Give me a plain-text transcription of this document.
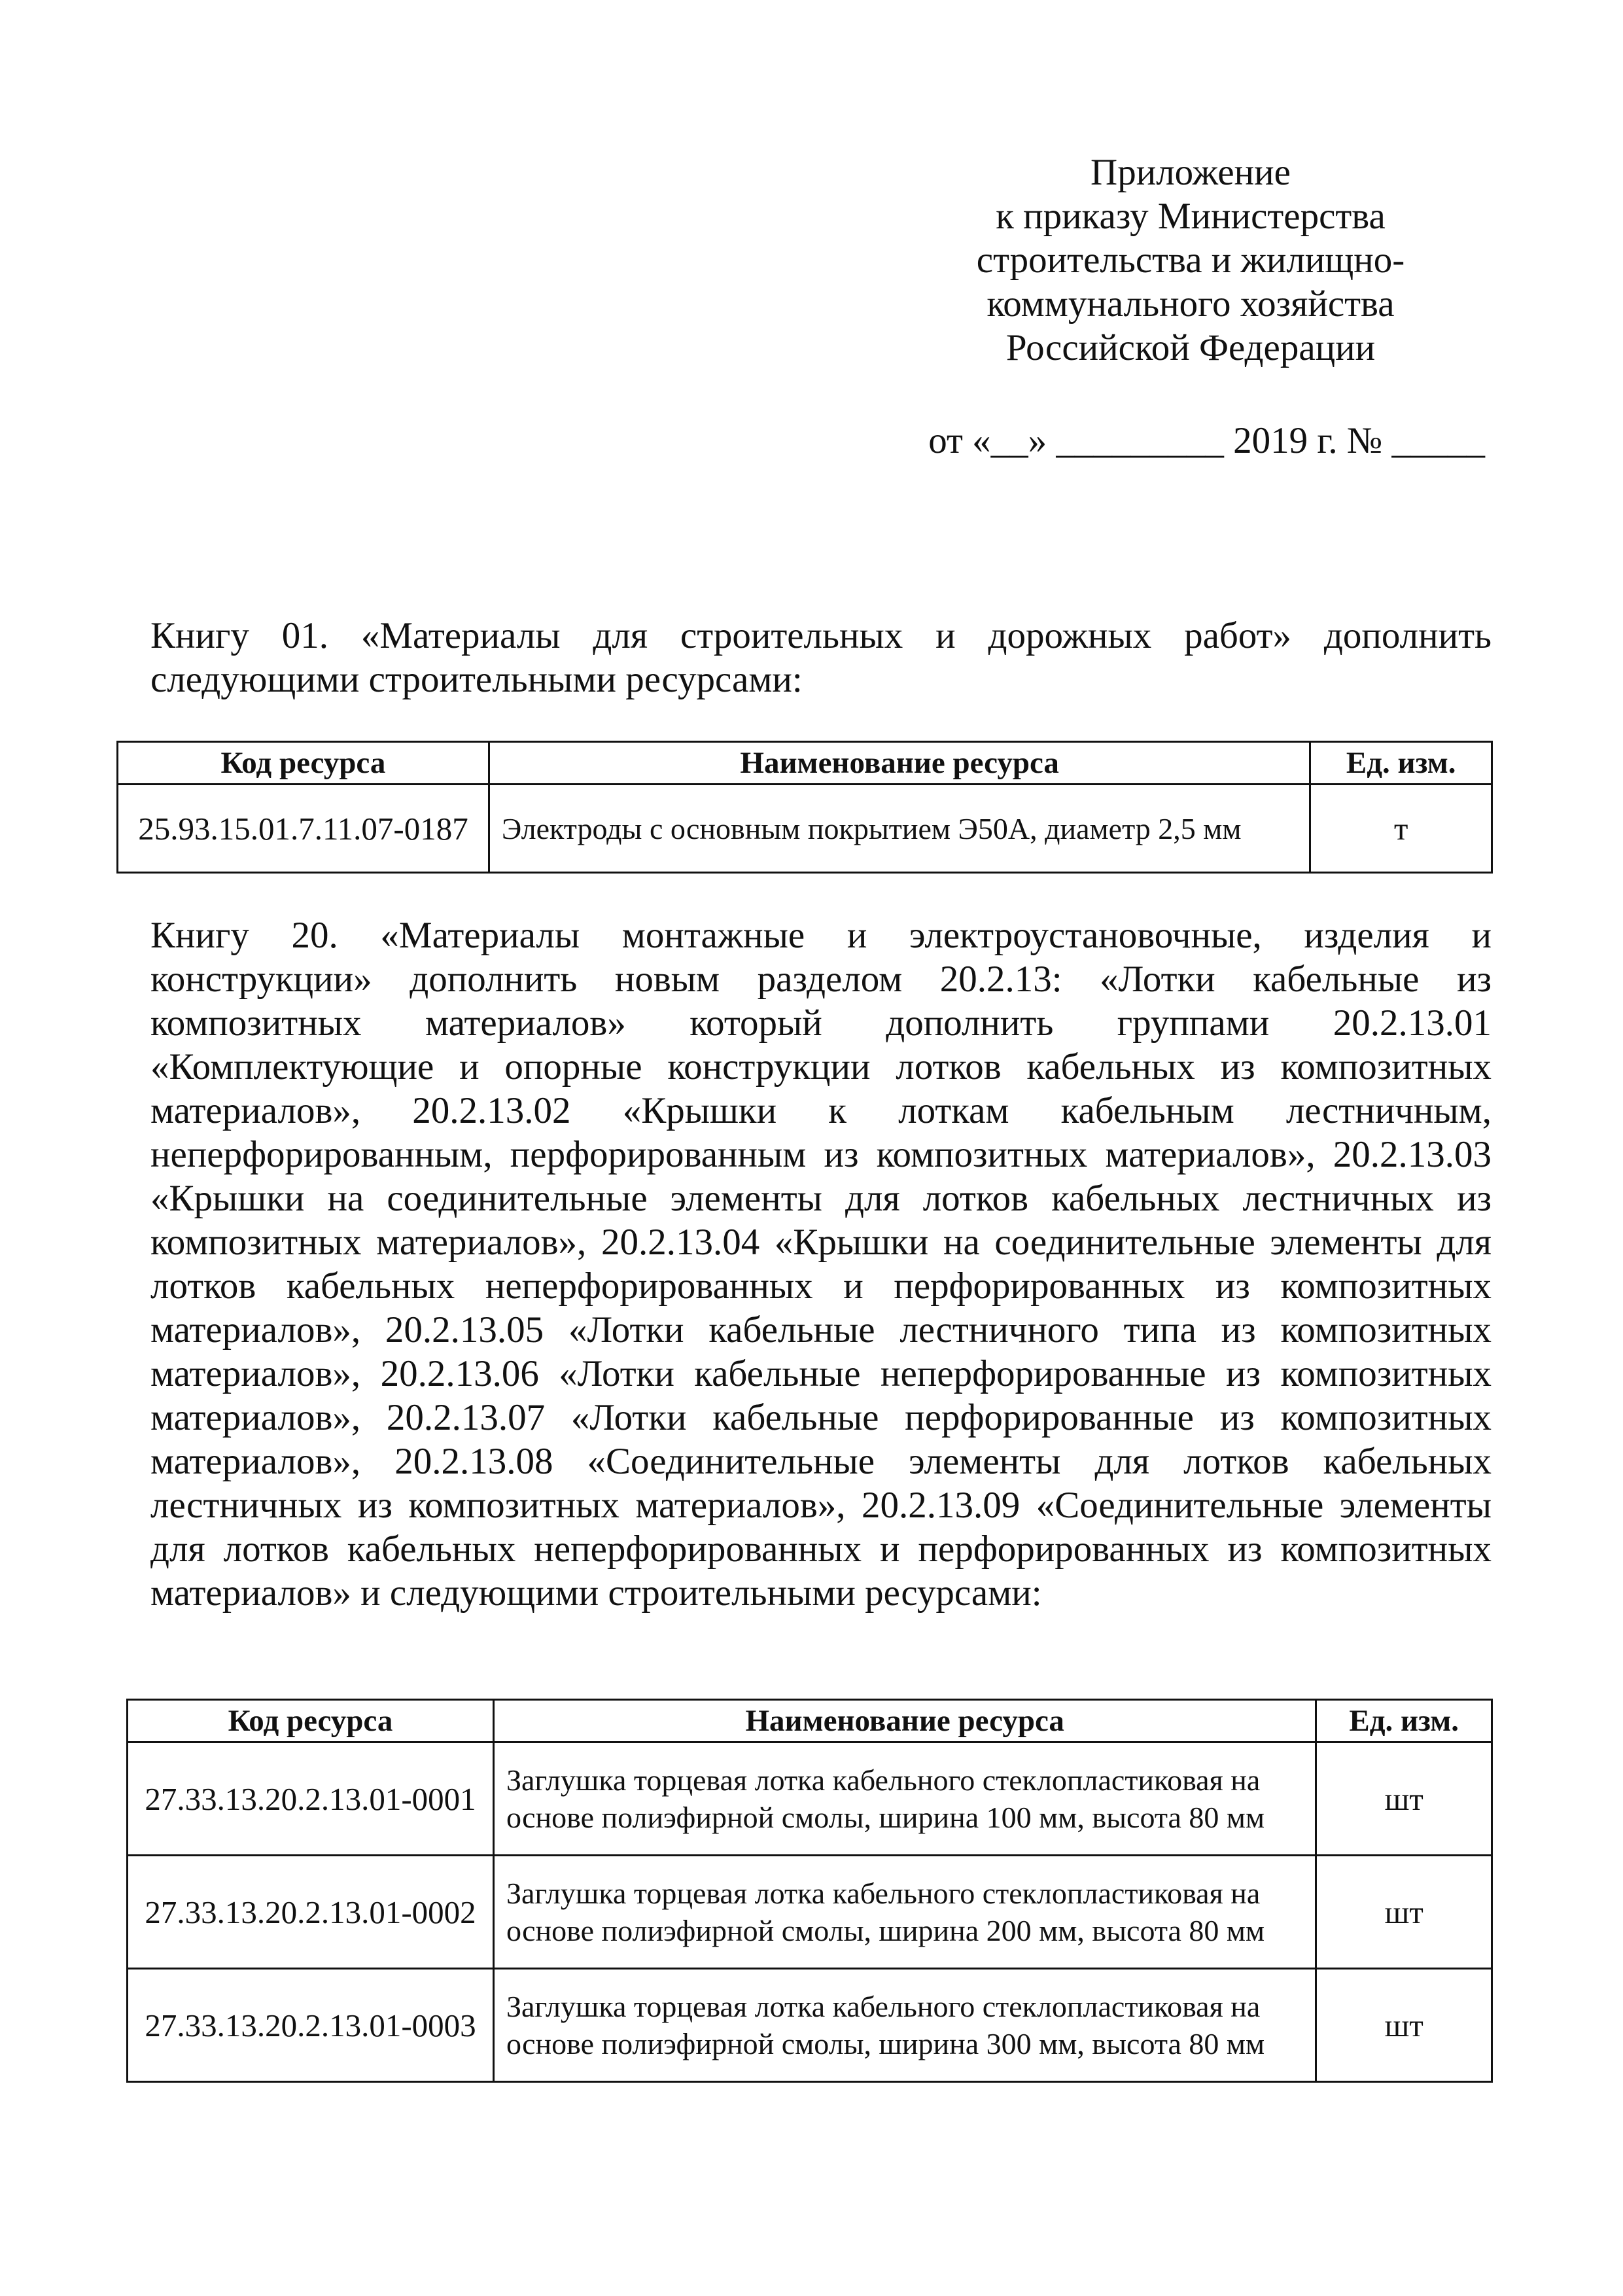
Приложение
к приказу Министерства
строительства и жилищно-
коммунального хозяйства
Российской Федерации
от «__» _________ 2019 г. № _____

Книгу 01. «Материалы для строительных и дорожных работ» дополнить следующими строительными ресурсами:

Код ресурса	Наименование ресурса	Ед. изм.
25.93.15.01.7.11.07-0187	Электроды с основным покрытием Э50А, диаметр 2,5 мм	т

Книгу 20. «Материалы монтажные и электроустановочные, изделия и конструкции» дополнить новым разделом 20.2.13: «Лотки кабельные из композитных материалов» который дополнить группами 20.2.13.01 «Комплектующие и опорные конструкции лотков кабельных из композитных материалов», 20.2.13.02 «Крышки к лоткам кабельным лестничным, неперфорированным, перфорированным из композитных материалов», 20.2.13.03 «Крышки на соединительные элементы для лотков кабельных лестничных из композитных материалов», 20.2.13.04 «Крышки на соединительные элементы для лотков кабельных неперфорированных и перфорированных из композитных материалов», 20.2.13.05 «Лотки кабельные лестничного типа из композитных материалов», 20.2.13.06 «Лотки кабельные неперфорированные из композитных материалов», 20.2.13.07 «Лотки кабельные перфорированные из композитных материалов», 20.2.13.08 «Соединительные элементы для лотков кабельных лестничных из композитных материалов», 20.2.13.09 «Соединительные элементы для лотков кабельных неперфорированных и перфорированных из композитных материалов» и следующими строительными ресурсами:

Код ресурса	Наименование ресурса	Ед. изм.
27.33.13.20.2.13.01-0001	Заглушка торцевая лотка кабельного стеклопластиковая на основе полиэфирной смолы, ширина 100 мм, высота 80 мм	шт
27.33.13.20.2.13.01-0002	Заглушка торцевая лотка кабельного стеклопластиковая на основе полиэфирной смолы, ширина 200 мм, высота 80 мм	шт
27.33.13.20.2.13.01-0003	Заглушка торцевая лотка кабельного стеклопластиковая на основе полиэфирной смолы, ширина 300 мм, высота 80 мм	шт
